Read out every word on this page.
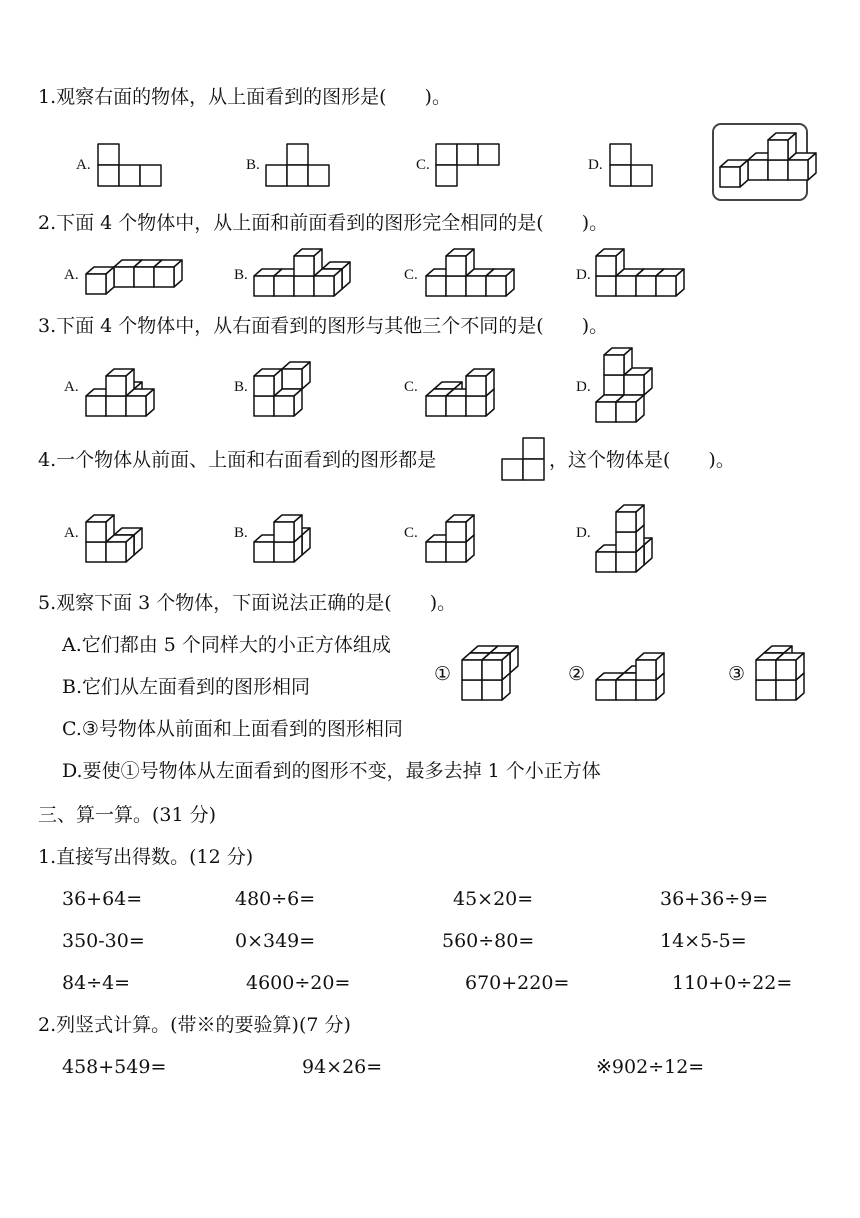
1.观察右面的物体，从上面看到的图形是(　　)。
A.	B.	C.	D.
2.下面 4 个物体中，从上面和前面看到的图形完全相同的是(　　)。
A.	B.	C.	D.
3.下面 4 个物体中，从右面看到的图形与其他三个不同的是(　　)。
A.	B.	C.	D.
4.一个物体从前面、上面和右面看到的图形都是	，这个物体是(　　)。
A.	B.	C.	D.
5.观察下面 3 个物体，下面说法正确的是(　　)。
A.它们都由 5 个同样大的小正方体组成
B.它们从左面看到的图形相同
C.③号物体从前面和上面看到的图形相同
D.要使①号物体从左面看到的图形不变，最多去掉 1 个小正方体
①	②	③
三、算一算。(31 分)
1.直接写出得数。(12 分)
36+64=	480÷6=	45×20=	36+36÷9=
350-30=	0×349=	560÷80=	14×5-5=
84÷4=	4600÷20=	670+220=	110+0÷22=
2.列竖式计算。(带※的要验算)(7 分)
458+549=	94×26=	※902÷12=
